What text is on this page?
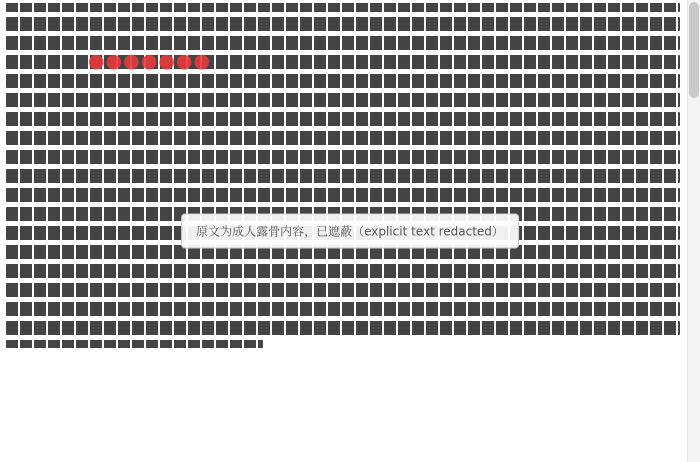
●●●●●●●
原文为成人露骨内容，已遮蔽（explicit text redacted）
